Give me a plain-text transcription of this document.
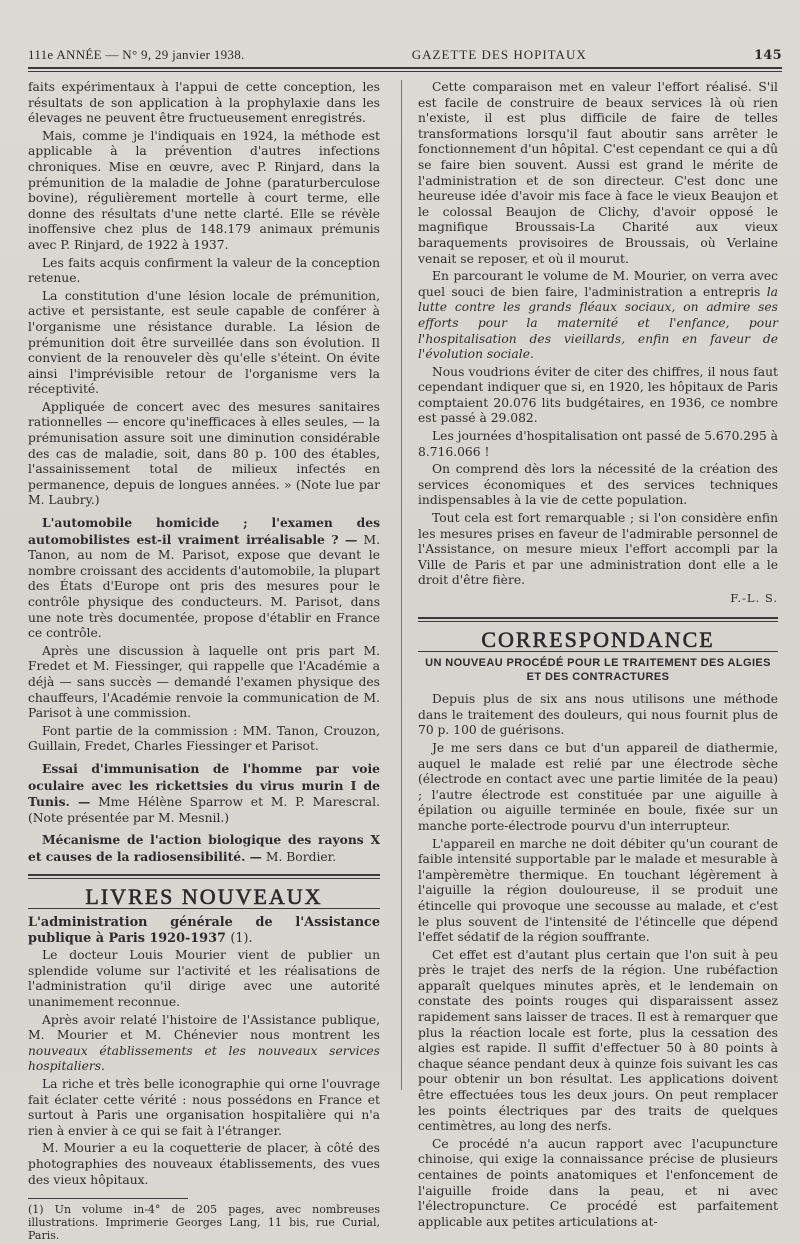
111e ANNÉE — N° 9, 29 janvier 1938.	GAZETTE DES HOPITAUX	145

faits expérimentaux à l'appui de cette conception, les résultats de son application à la prophylaxie dans les élevages ne peuvent être fructueusement enregistrés.

Mais, comme je l'indiquais en 1924, la méthode est applicable à la prévention d'autres infections chroniques. Mise en œuvre, avec P. Rinjard, dans la prémunition de la maladie de Johne (paraturberculose bovine), régulièrement mortelle à court terme, elle donne des résultats d'une nette clarté. Elle se révèle inoffensive chez plus de 148.179 animaux prémunis avec P. Rinjard, de 1922 à 1937.

Les faits acquis confirment la valeur de la conception retenue.

La constitution d'une lésion locale de prémunition, active et persistante, est seule capable de conférer à l'organisme une résistance durable. La lésion de prémunition doit être surveillée dans son évolution. Il convient de la renouveler dès qu'elle s'éteint. On évite ainsi l'imprévisible retour de l'organisme vers la réceptivité.

Appliquée de concert avec des mesures sanitaires rationnelles — encore qu'inefficaces à elles seules, — la prémunisation assure soit une diminution considérable des cas de maladie, soit, dans 80 p. 100 des étables, l'assainissement total de milieux infectés en permanence, depuis de longues années. » (Note lue par M. Laubry.)

L'automobile homicide ; l'examen des automobilistes est-il vraiment irréalisable ? — M. Tanon, au nom de M. Parisot, expose que devant le nombre croissant des accidents d'automobile, la plupart des États d'Europe ont pris des mesures pour le contrôle physique des conducteurs. M. Parisot, dans une note très documentée, propose d'établir en France ce contrôle.

Après une discussion à laquelle ont pris part M. Fredet et M. Fiessinger, qui rappelle que l'Académie a déjà — sans succès — demandé l'examen physique des chauffeurs, l'Académie renvoie la communication de M. Parisot à une commission.

Font partie de la commission : MM. Tanon, Crouzon, Guillain, Fredet, Charles Fiessinger et Parisot.

Essai d'immunisation de l'homme par voie oculaire avec les rickettsies du virus murin I de Tunis. — Mme Hélène Sparrow et M. P. Marescral. (Note présentée par M. Mesnil.)

Mécanisme de l'action biologique des rayons X et causes de la radiosensibilité. — M. Bordier.

LIVRES NOUVEAUX

L'administration générale de l'Assistance publique à Paris 1920-1937 (1).

Le docteur Louis Mourier vient de publier un splendide volume sur l'activité et les réalisations de l'administration qu'il dirige avec une autorité unanimement reconnue.

Après avoir relaté l'histoire de l'Assistance publique, M. Mourier et M. Chénevier nous montrent les nouveaux établissements et les nouveaux services hospitaliers.

La riche et très belle iconographie qui orne l'ouvrage fait éclater cette vérité : nous possédons en France et surtout à Paris une organisation hospitalière qui n'a rien à envier à ce qui se fait à l'étranger.

M. Mourier a eu la coquetterie de placer, à côté des photographies des nouveaux établissements, des vues des vieux hôpitaux.

(1) Un volume in-4° de 205 pages, avec nombreuses illustrations. Imprimerie Georges Lang, 11 bis, rue Curial, Paris.

Cette comparaison met en valeur l'effort réalisé. S'il est facile de construire de beaux services là où rien n'existe, il est plus difficile de faire de telles transformations lorsqu'il faut aboutir sans arrêter le fonctionnement d'un hôpital. C'est cependant ce qui a dû se faire bien souvent. Aussi est grand le mérite de l'administration et de son directeur. C'est donc une heureuse idée d'avoir mis face à face le vieux Beaujon et le colossal Beaujon de Clichy, d'avoir opposé le magnifique Broussais-La Charité aux vieux baraquements provisoires de Broussais, où Verlaine venait se reposer, et où il mourut.

En parcourant le volume de M. Mourier, on verra avec quel souci de bien faire, l'administration a entrepris la lutte contre les grands fléaux sociaux, on admire ses efforts pour la maternité et l'enfance, pour l'hospitalisation des vieillards, enfin en faveur de l'évolution sociale.

Nous voudrions éviter de citer des chiffres, il nous faut cependant indiquer que si, en 1920, les hôpitaux de Paris comptaient 20.076 lits budgétaires, en 1936, ce nombre est passé à 29.082.

Les journées d'hospitalisation ont passé de 5.670.295 à 8.716.066 !

On comprend dès lors la nécessité de la création des services économiques et des services techniques indispensables à la vie de cette population.

Tout cela est fort remarquable ; si l'on considère enfin les mesures prises en faveur de l'admirable personnel de l'Assistance, on mesure mieux l'effort accompli par la Ville de Paris et par une administration dont elle a le droit d'être fière.

F.-L. S.
CORRESPONDANCE
UN NOUVEAU PROCÉDÉ POUR LE TRAITEMENT DES ALGIES ET DES CONTRACTURES

Depuis plus de six ans nous utilisons une méthode dans le traitement des douleurs, qui nous fournit plus de 70 p. 100 de guérisons.

Je me sers dans ce but d'un appareil de diathermie, auquel le malade est relié par une électrode sèche (électrode en contact avec une partie limitée de la peau) ; l'autre électrode est constituée par une aiguille à épilation ou aiguille terminée en boule, fixée sur un manche porte-électrode pourvu d'un interrupteur.

L'appareil en marche ne doit débiter qu'un courant de faible intensité supportable par le malade et mesurable à l'ampèremètre thermique. En touchant légèrement à l'aiguille la région douloureuse, il se produit une étincelle qui provoque une secousse au malade, et c'est le plus souvent de l'intensité de l'étincelle que dépend l'effet sédatif de la région souffrante.

Cet effet est d'autant plus certain que l'on suit à peu près le trajet des nerfs de la région. Une rubéfaction apparaît quelques minutes après, et le lendemain on constate des points rouges qui disparaissent assez rapidement sans laisser de traces. Il est à remarquer que plus la réaction locale est forte, plus la cessation des algies est rapide. Il suffit d'effectuer 50 à 80 points à chaque séance pendant deux à quinze fois suivant les cas pour obtenir un bon résultat. Les applications doivent être effectuées tous les deux jours. On peut remplacer les points électriques par des traits de quelques centimètres, au long des nerfs.

Ce procédé n'a aucun rapport avec l'acupuncture chinoise, qui exige la connaissance précise de plusieurs centaines de points anatomiques et l'enfoncement de l'aiguille froide dans la peau, et ni avec l'électropuncture. Ce procédé est parfaitement applicable aux petites articulations at-
